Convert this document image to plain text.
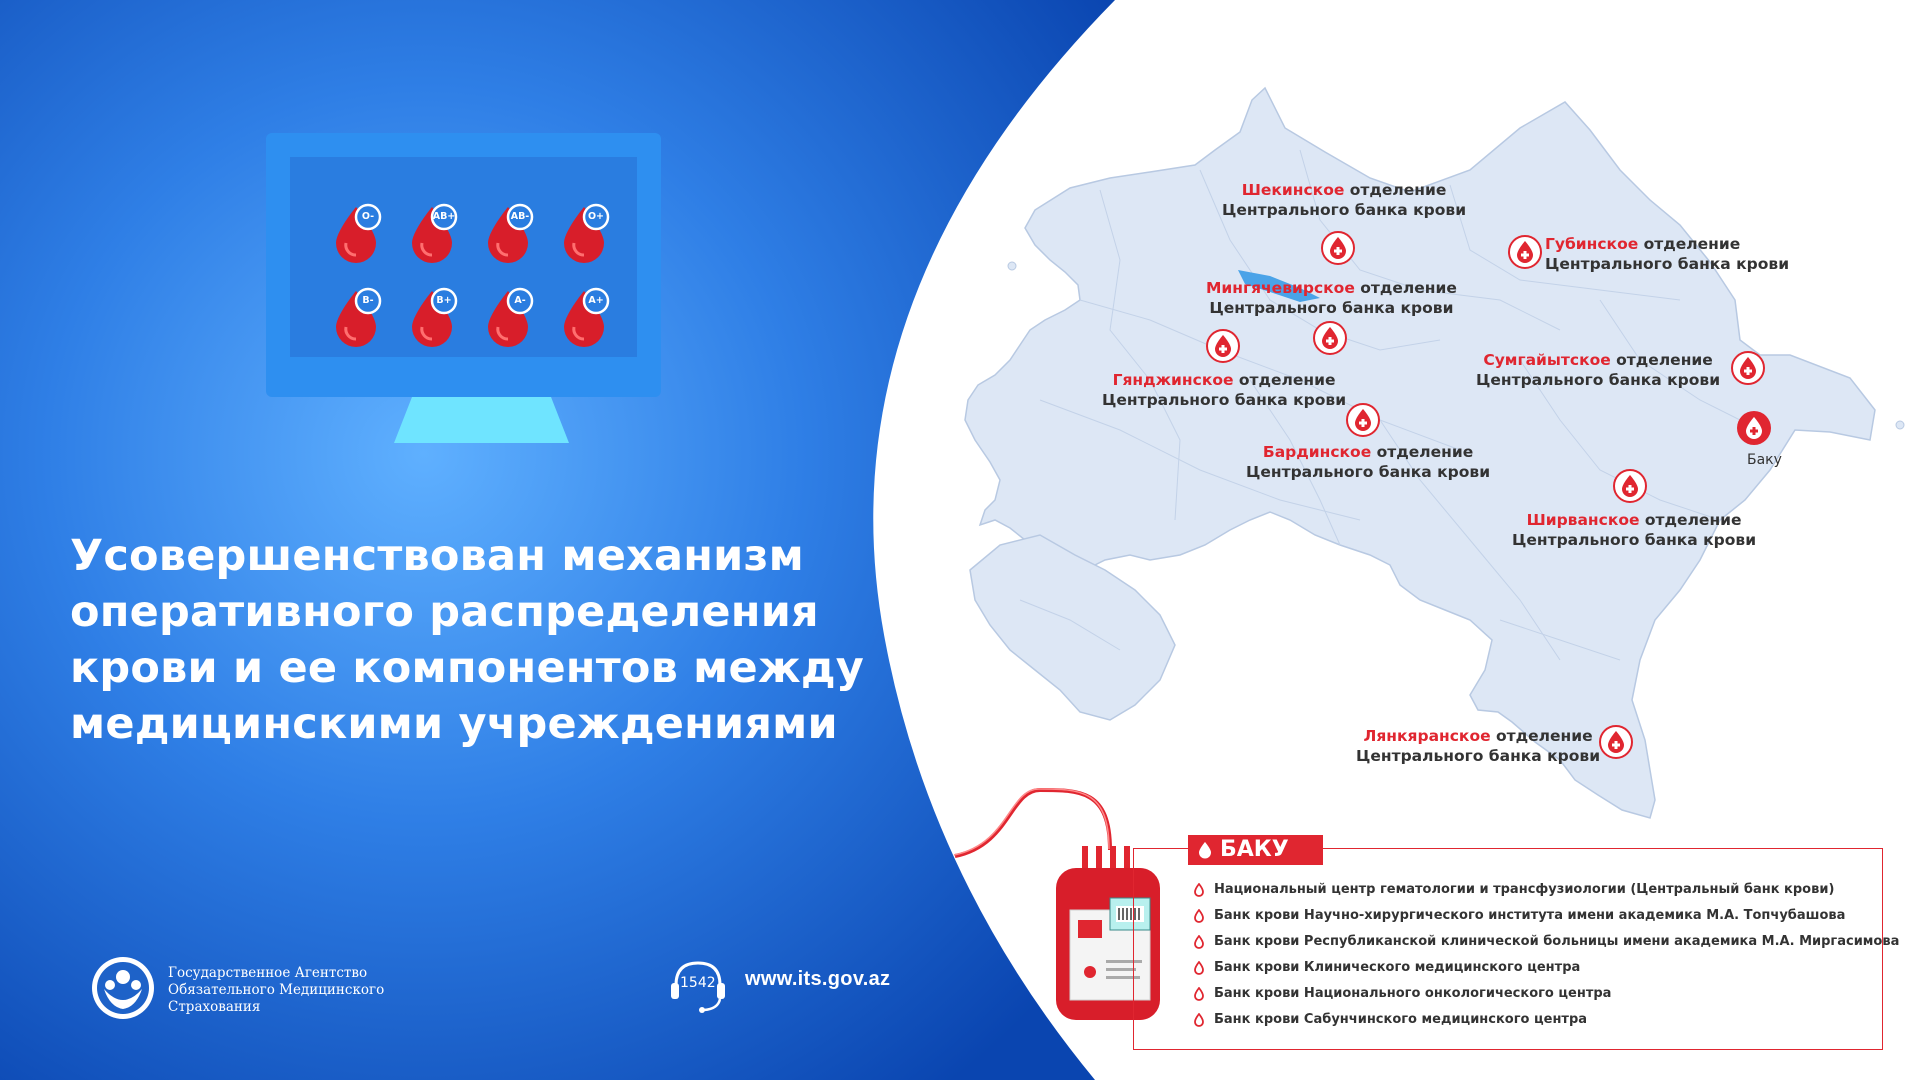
O-	AB+	AB-	O+
B-	B+	A-	A+
Усовершенствован механизм
оперативного распределения
крови и ее компонентов между
медицинскими учреждениями
Государственное Агентство
Обязательного Медицинского
Страхования
1542 www.its.gov.az
Шекинское отделение
Центрального банка крови
Губинское отделение
Центрального банка крови
Мингячевирское отделение
Центрального банка крови
Гянджинское отделение
Центрального банка крови
Сумгайытское отделение
Центрального банка крови
Бардинское отделение
Центрального банка крови
Ширванское отделение
Центрального банка крови
Лянкяранское отделение
Центрального банка крови
Баку
БАКУ
Национальный центр гематологии и трансфузиологии (Центральный банк крови)
Банк крови Научно-хирургического института имени академика М.А. Топчубашова
Банк крови Республиканской клинической больницы имени академика М.А. Миргасимова
Банк крови Клинического медицинского центра
Банк крови Национального онкологического центра
Банк крови Сабунчинского медицинского центра
